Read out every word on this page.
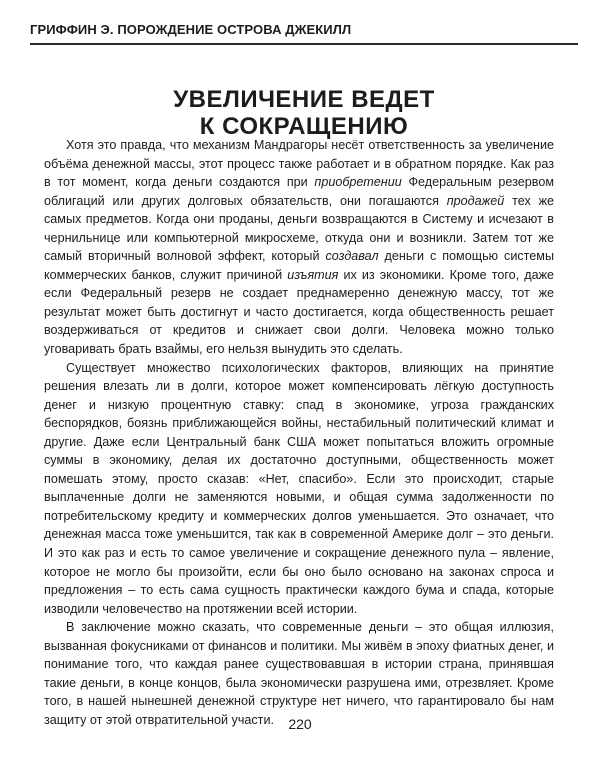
ГРИФФИН Э. ПОРОЖДЕНИЕ ОСТРОВА ДЖЕКИЛЛ
УВЕЛИЧЕНИЕ ВЕДЕТ
К СОКРАЩЕНИЮ

Хотя это правда, что механизм Мандрагоры несёт ответственность за увеличение объёма денежной массы, этот процесс также работает и в обратном порядке. Как раз в тот момент, когда деньги создаются при приобретении Федеральным резервом облигаций или других долговых обязательств, они погашаются продажей тех же самых предметов. Когда они проданы, деньги возвращаются в Систему и исчезают в чернильнице или компьютерной микросхеме, откуда они и возникли. Затем тот же самый вторичный волновой эффект, который создавал деньги с помощью системы коммерческих банков, служит причиной изъятия их из экономики. Кроме того, даже если Федеральный резерв не создает преднамеренно денежную массу, тот же результат может быть достигнут и часто достигается, когда общественность решает воздерживаться от кредитов и снижает свои долги. Человека можно только уговаривать брать взаймы, его нельзя вынудить это сделать.

Существует множество психологических факторов, влияющих на принятие решения влезать ли в долги, которое может компенсировать лёгкую доступность денег и низкую процентную ставку: спад в экономике, угроза гражданских беспорядков, боязнь приближающейся войны, нестабильный политический климат и другие. Даже если Центральный банк США может попытаться вложить огромные суммы в экономику, делая их достаточно доступными, общественность может помешать этому, просто сказав: «Нет, спасибо». Если это происходит, старые выплаченные долги не заменяются новыми, и общая сумма задолженности по потребительскому кредиту и коммерческих долгов уменьшается. Это означает, что денежная масса тоже уменьшится, так как в современной Америке долг – это деньги. И это как раз и есть то самое увеличение и сокращение денежного пула – явление, которое не могло бы произойти, если бы оно было основано на законах спроса и предложения – то есть сама сущность практически каждого бума и спада, которые изводили человечество на протяжении всей истории.

В заключение можно сказать, что современные деньги – это общая иллюзия, вызванная фокусниками от финансов и политики. Мы живём в эпоху фиатных денег, и понимание того, что каждая ранее существовавшая в истории страна, принявшая такие деньги, в конце концов, была экономически разрушена ими, отрезвляет. Кроме того, в нашей нынешней денежной структуре нет ничего, что гарантировало бы нам защиту от этой отвратительной участи.	220
